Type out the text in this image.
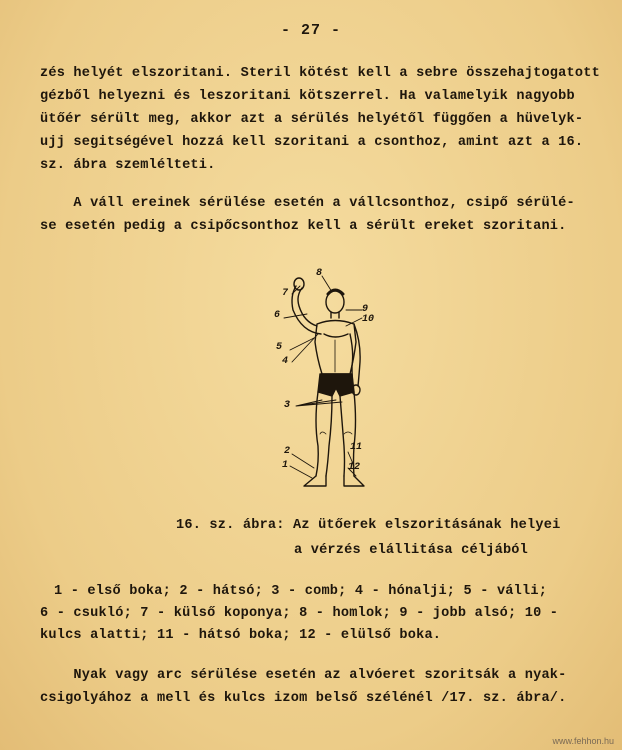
- 27 -
zés helyét elszoritani. Steril kötést kell a sebre összehajtogatott
gézből helyezni és leszoritani kötszerrel. Ha valamelyik nagyobb
ütőér sérült meg, akkor azt a sérülés helyétől függően a hüvelyk-
ujj segitségével hozzá kell szoritani a csonthoz, amint azt a 16.
sz. ábra szemlélteti.
A váll ereinek sérülése esetén a vállcsonthoz, csipő sérülé-
se esetén pedig a csipőcsonthoz kell a sérült ereket szoritani.
1
2
3
4
5
6
7
8
9
10
11
12
16. sz. ábra: Az ütőerek elszoritásának helyei
a vérzés elállitása céljából
1 - első boka; 2 - hátsó; 3 - comb; 4 - hónalji; 5 - válli;
6 - csukló; 7 - külső koponya; 8 - homlok; 9 - jobb alsó; 10 -
kulcs alatti; 11 - hátsó boka; 12 - elülső boka.
Nyak vagy arc sérülése esetén az alvóeret szoritsák a nyak-
csigolyához a mell és kulcs izom belső szélénél /17. sz. ábra/.
www.fehhon.hu
